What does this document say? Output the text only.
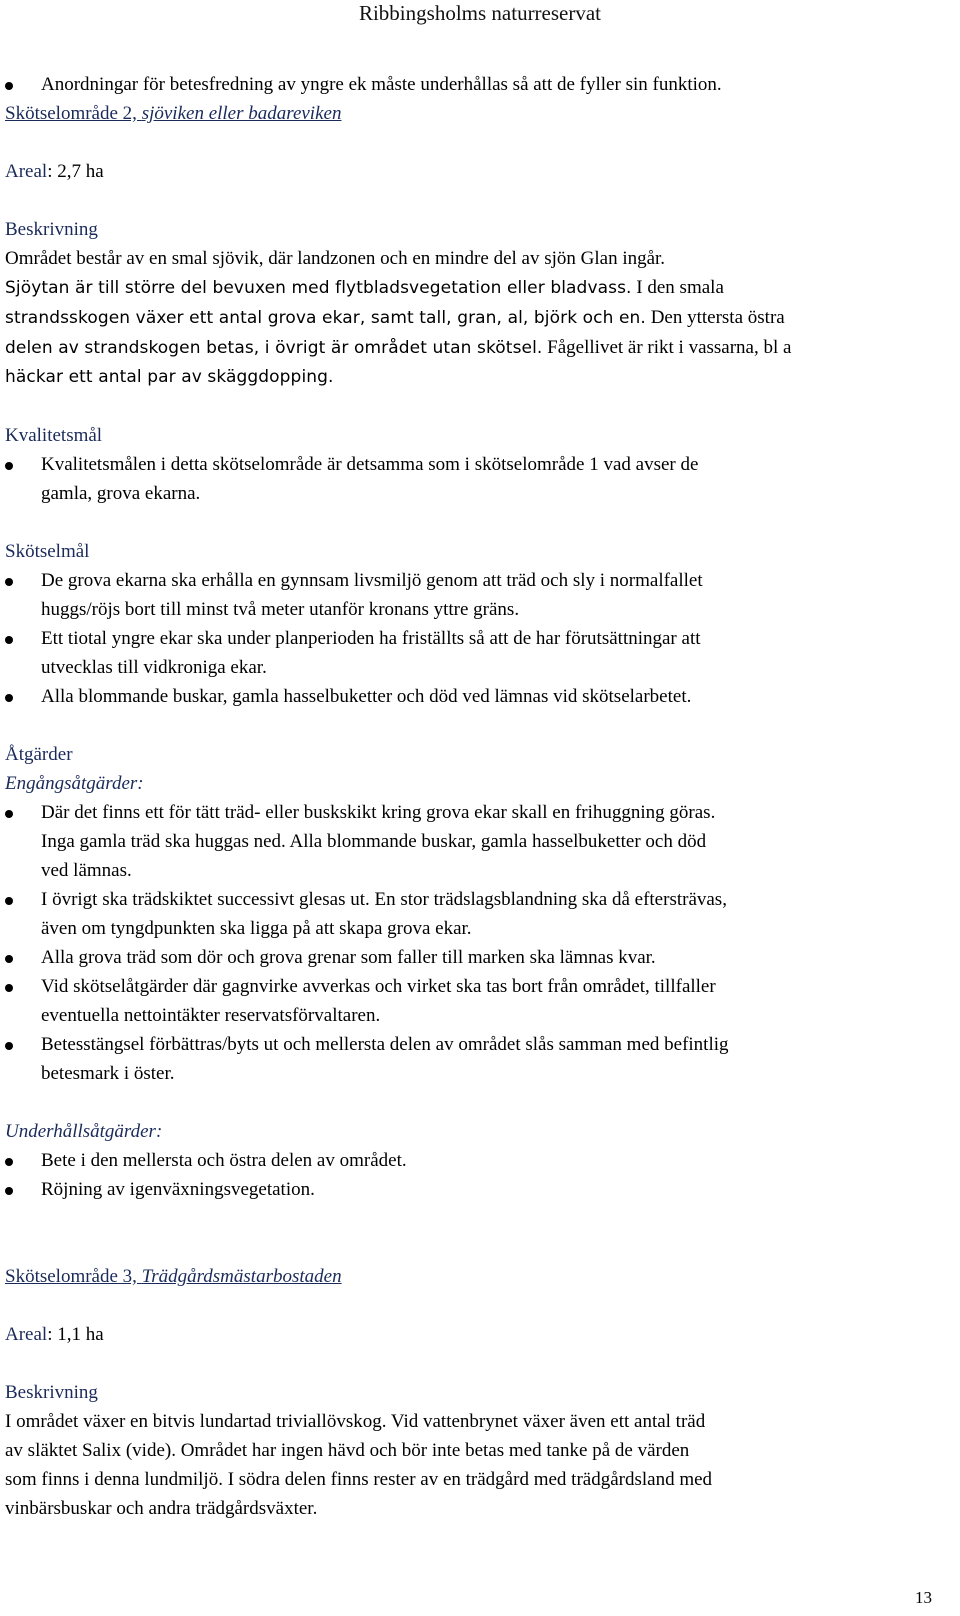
Ribbingsholms naturreservat
Anordningar för betesfredning av yngre ek måste underhållas så att de fyller sin funktion.
Skötselområde 2, sjöviken eller badareviken
Areal: 2,7 ha
Beskrivning
Området består av en smal sjövik, där landzonen och en mindre del av sjön Glan ingår.
Sjöytan är till större del bevuxen med flytbladsvegetation eller bladvass. I den smala
strandsskogen växer ett antal grova ekar, samt tall, gran, al, björk och en. Den yttersta östra
delen av strandskogen betas, i övrigt är området utan skötsel. Fågellivet är rikt i vassarna, bl a
häckar ett antal par av skäggdopping.
Kvalitetsmål
Kvalitetsmålen i detta skötselområde är detsamma som i skötselområde 1 vad avser de
gamla, grova ekarna.
Skötselmål
De grova ekarna ska erhålla en gynnsam livsmiljö genom att träd och sly i normalfallet
huggs/röjs bort till minst två meter utanför kronans yttre gräns.
Ett tiotal yngre ekar ska under planperioden ha friställts så att de har förutsättningar att
utvecklas till vidkroniga ekar.
Alla blommande buskar, gamla hasselbuketter och död ved lämnas vid skötselarbetet.
Åtgärder
Engångsåtgärder:
Där det finns ett för tätt träd- eller buskskikt kring grova ekar skall en frihuggning göras.
Inga gamla träd ska huggas ned. Alla blommande buskar, gamla hasselbuketter och död
ved lämnas.
I övrigt ska trädskiktet successivt glesas ut. En stor trädslagsblandning ska då eftersträvas,
även om tyngdpunkten ska ligga på att skapa grova ekar.
Alla grova träd som dör och grova grenar som faller till marken ska lämnas kvar.
Vid skötselåtgärder där gagnvirke avverkas och virket ska tas bort från området, tillfaller
eventuella nettointäkter reservatsförvaltaren.
Betesstängsel förbättras/byts ut och mellersta delen av området slås samman med befintlig
betesmark i öster.
Underhållsåtgärder:
Bete i den mellersta och östra delen av området.
Röjning av igenväxningsvegetation.
Skötselområde 3, Trädgårdsmästarbostaden
Areal: 1,1 ha
Beskrivning
I området växer en bitvis lundartad triviallövskog. Vid vattenbrynet växer även ett antal träd
av släktet Salix (vide). Området har ingen hävd och bör inte betas med tanke på de värden
som finns i denna lundmiljö. I södra delen finns rester av en trädgård med trädgårdsland med
vinbärsbuskar och andra trädgårdsväxter.
13
